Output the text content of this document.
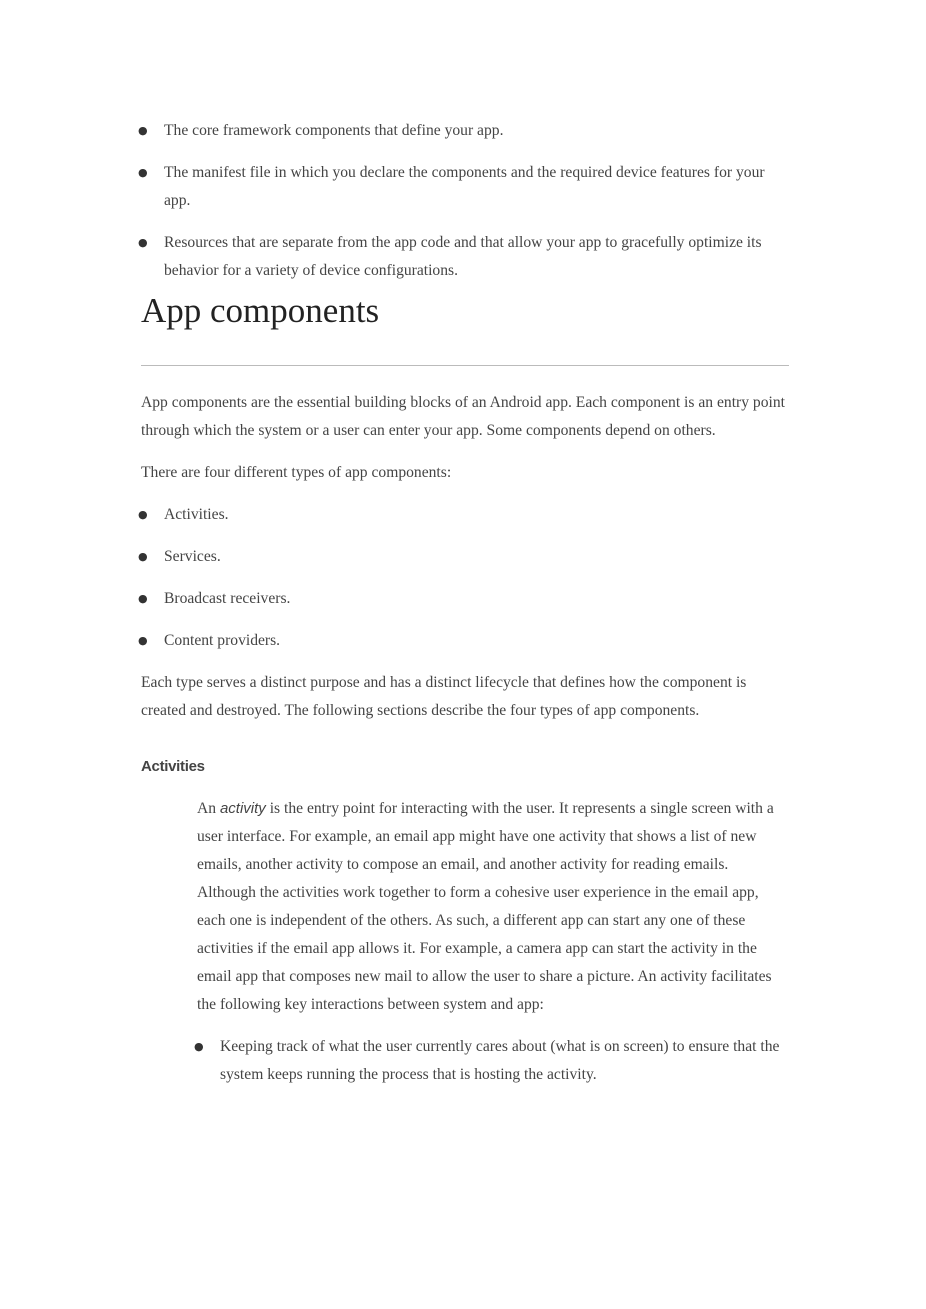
● The core framework components that define your app.
● The manifest file in which you declare the components and the required device features for your app.
● Resources that are separate from the app code and that allow your app to gracefully optimize its behavior for a variety of device configurations.
App components

App components are the essential building blocks of an Android app. Each component is an entry point through which the system or a user can enter your app. Some components depend on others.

There are four different types of app components:

● Activities.
● Services.
● Broadcast receivers.
● Content providers.

Each type serves a distinct purpose and has a distinct lifecycle that defines how the component is created and destroyed. The following sections describe the four types of app components.

Activities

An activity is the entry point for interacting with the user. It represents a single screen with a user interface. For example, an email app might have one activity that shows a list of new emails, another activity to compose an email, and another activity for reading emails. Although the activities work together to form a cohesive user experience in the email app, each one is independent of the others. As such, a different app can start any one of these activities if the email app allows it. For example, a camera app can start the activity in the email app that composes new mail to allow the user to share a picture. An activity facilitates the following key interactions between system and app:

● Keeping track of what the user currently cares about (what is on screen) to ensure that the system keeps running the process that is hosting the activity.
